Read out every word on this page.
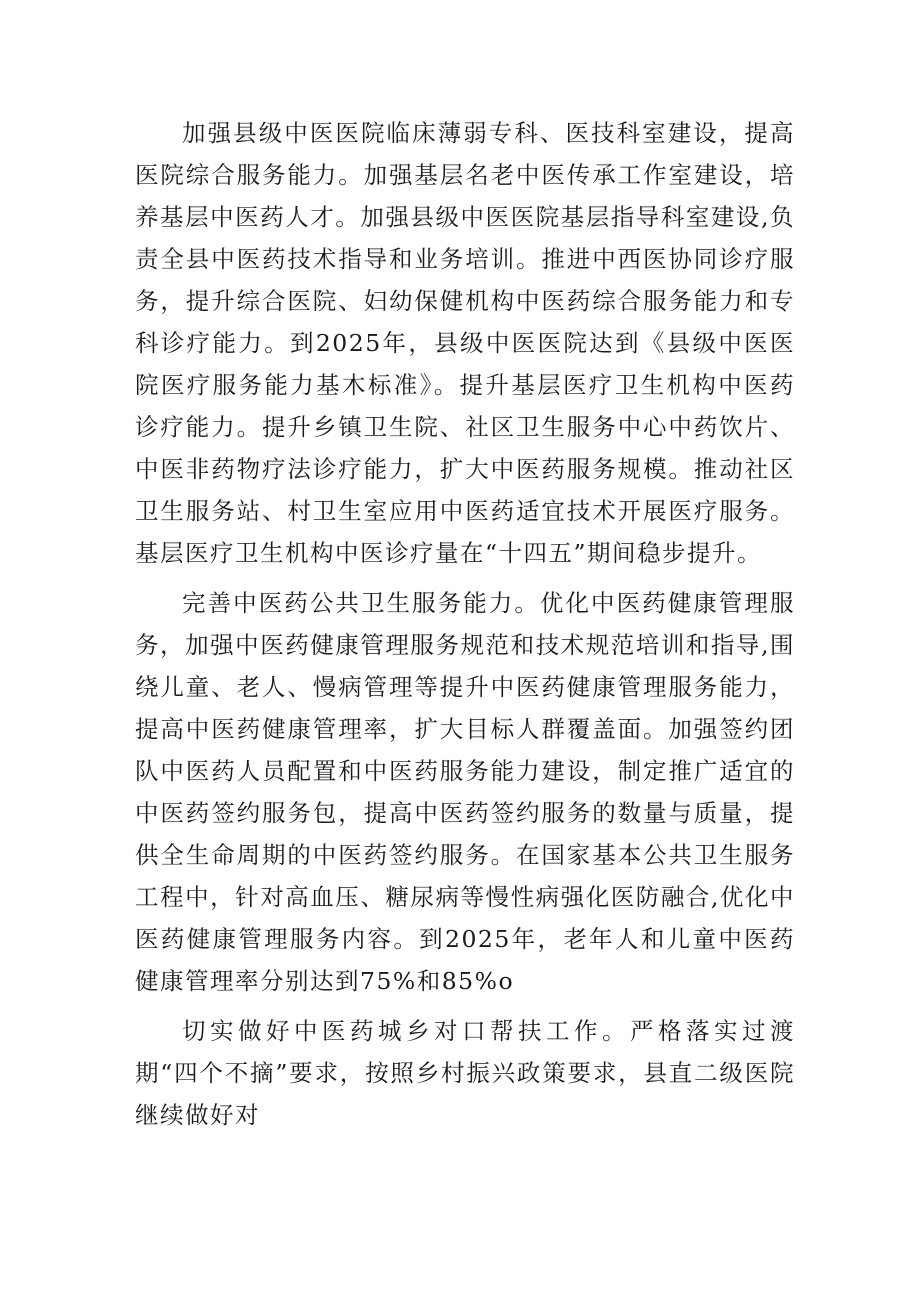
加强县级中医医院临床薄弱专科、医技科室建设，提高医院综合服务能力。加强基层名老中医传承工作室建设，培养基层中医药人才。加强县级中医医院基层指导科室建设,负责全县中医药技术指导和业务培训。推进中西医协同诊疗服务，提升综合医院、妇幼保健机构中医药综合服务能力和专科诊疗能力。到2025年，县级中医医院达到《县级中医医院医疗服务能力基木标准》。提升基层医疗卫生机构中医药诊疗能力。提升乡镇卫生院、社区卫生服务中心中药饮片、中医非药物疗法诊疗能力，扩大中医药服务规模。推动社区卫生服务站、村卫生室应用中医药适宜技术开展医疗服务。基层医疗卫生机构中医诊疗量在“十四五”期间稳步提升。

完善中医药公共卫生服务能力。优化中医药健康管理服务，加强中医药健康管理服务规范和技术规范培训和指导,围绕儿童、老人、慢病管理等提升中医药健康管理服务能力，提高中医药健康管理率，扩大目标人群覆盖面。加强签约团队中医药人员配置和中医药服务能力建设，制定推广适宜的中医药签约服务包，提高中医药签约服务的数量与质量，提供全生命周期的中医药签约服务。在国家基本公共卫生服务工程中，针对高血压、糖尿病等慢性病强化医防融合,优化中医药健康管理服务内容。到2025年，老年人和儿童中医药健康管理率分别达到75%和85%o

切实做好中医药城乡对口帮扶工作。严格落实过渡期“四个不摘”要求，按照乡村振兴政策要求，县直二级医院继续做好对
